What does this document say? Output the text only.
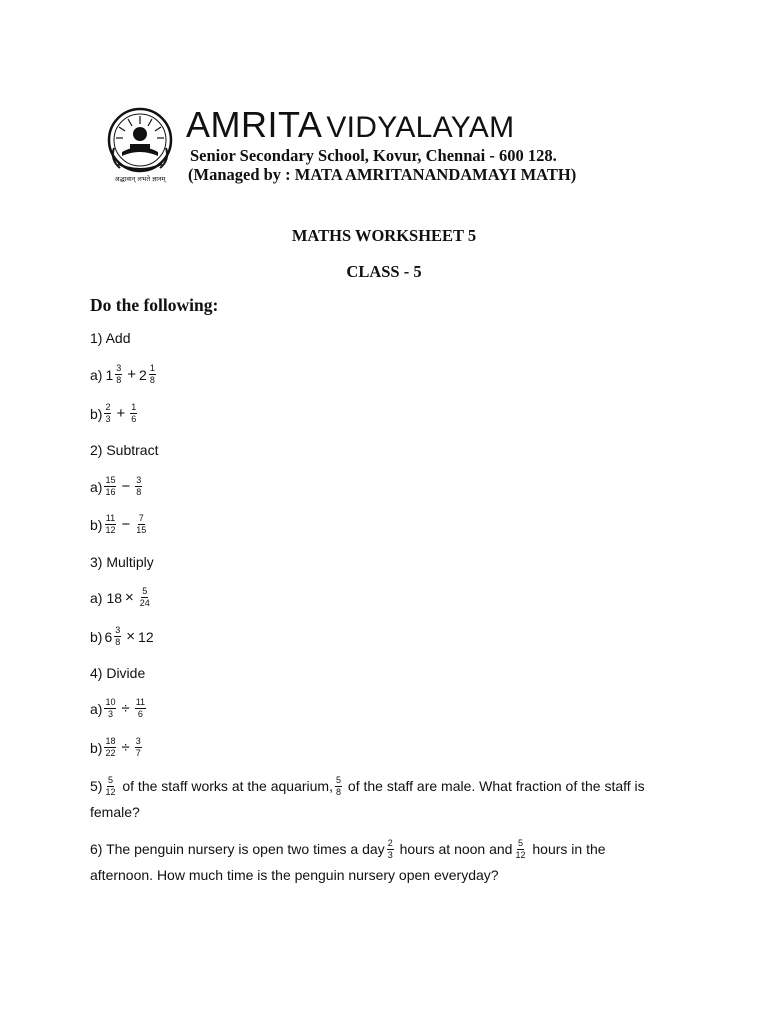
अद्धावान् लभते ज्ञानम्
AMRITA VIDYALAYAM
Senior Secondary School, Kovur, Chennai - 600 128.
(Managed by : MATA AMRITANANDAMAYI MATH)
MATHS WORKSHEET 5
CLASS - 5
Do the following:
1) Add
a) $1 \frac{3}{8} + 2 \frac{1}{8}$
$b) \frac{2}{3} + \frac{1}{6}$
2) Subtract
$a) \frac{15}{16} - \frac{3}{8}$
$b) \frac{11}{12} - \frac{7}{15}$
3) Multiply
a) $18 \times \frac{5}{24}$
b) $6 \frac{3}{8} \times 12$
4) Divide
$a) \frac{10}{3} \div \frac{11}{6}$
$b) \frac{18}{22} \div \frac{3}{7}$
$5) \frac{5}{12}$ of the staff works at the aquarium, $\frac{5}{8}$ of the staff are male. What fraction of the staff is female?
6) The penguin nursery is open two times a day $\frac{2}{3}$ hours at noon and $\frac{5}{12}$ hours in the afternoon. How much time is the penguin nursery open everyday?
